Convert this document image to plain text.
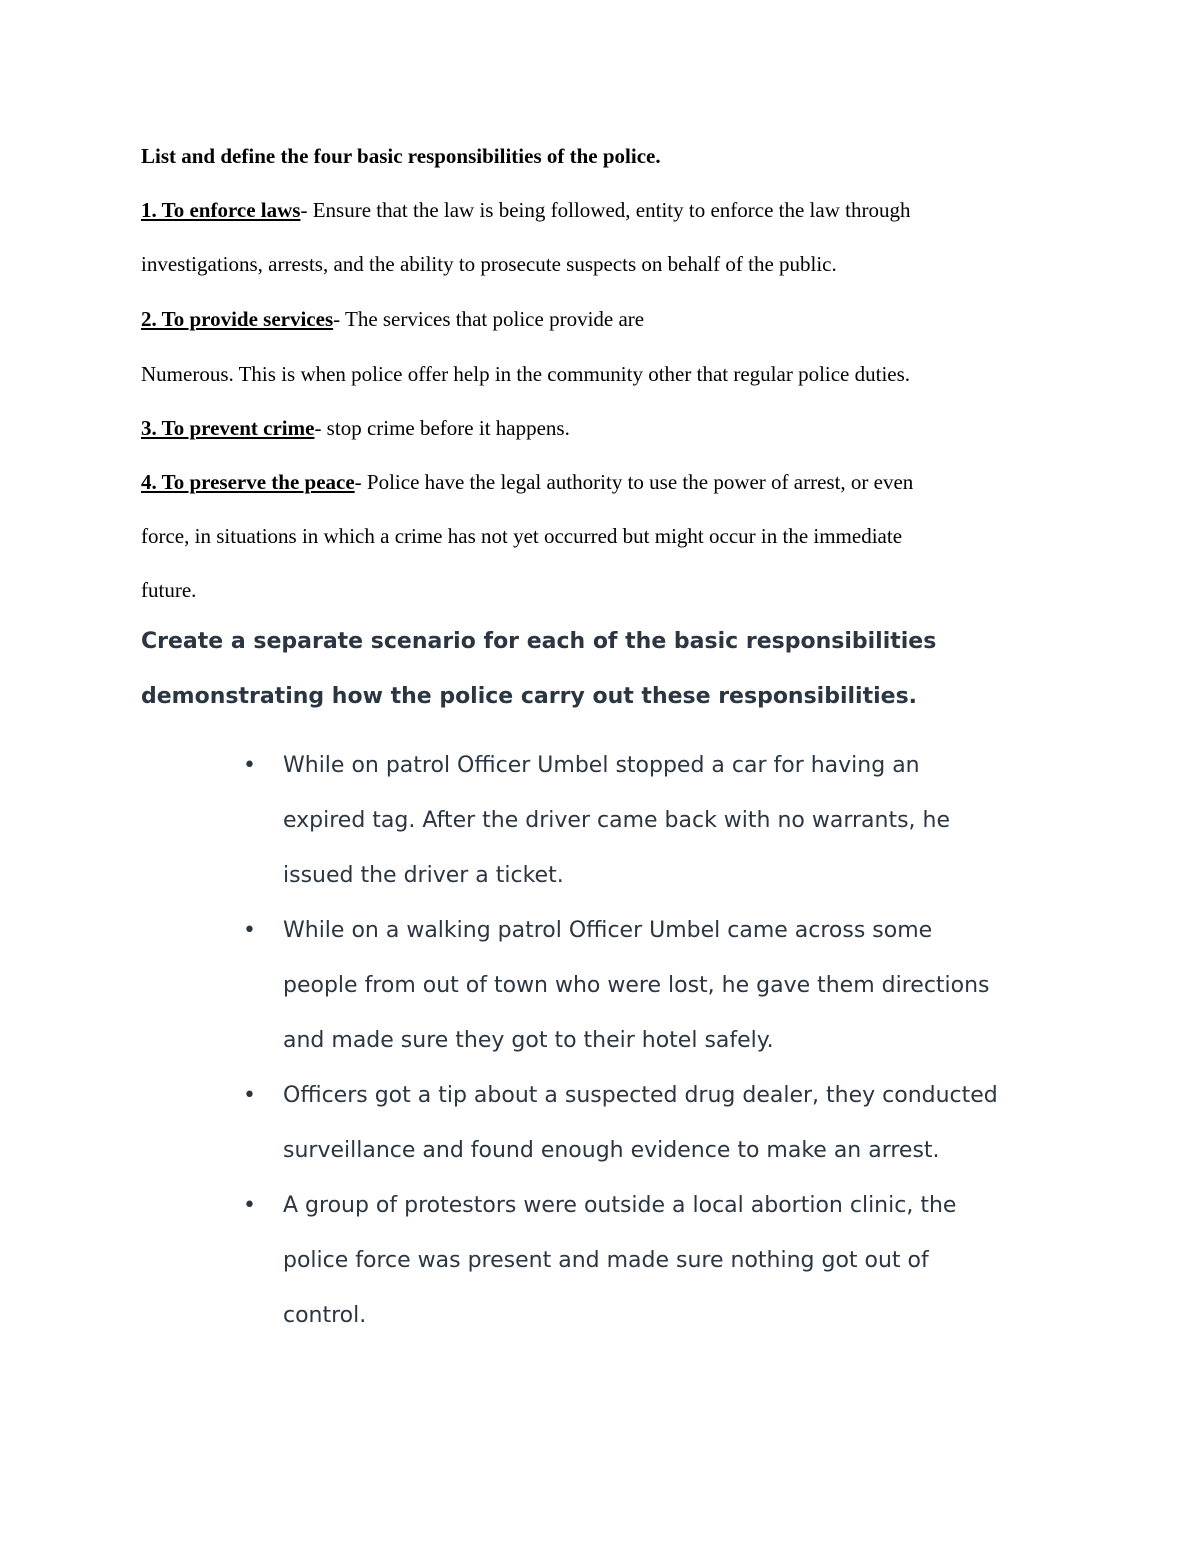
List and define the four basic responsibilities of the police.
1. To enforce laws- Ensure that the law is being followed, entity to enforce the law through
investigations, arrests, and the ability to prosecute suspects on behalf of the public.
2. To provide services- The services that police provide are
Numerous. This is when police offer help in the community other that regular police duties.
3. To prevent crime- stop crime before it happens.
4. To preserve the peace- Police have the legal authority to use the power of arrest, or even
force, in situations in which a crime has not yet occurred but might occur in the immediate
future.
Create a separate scenario for each of the basic responsibilities
demonstrating how the police carry out these responsibilities.
• While on patrol Officer Umbel stopped a car for having an
expired tag. After the driver came back with no warrants, he
issued the driver a ticket.
• While on a walking patrol Officer Umbel came across some
people from out of town who were lost, he gave them directions
and made sure they got to their hotel safely.
• Officers got a tip about a suspected drug dealer, they conducted
surveillance and found enough evidence to make an arrest.
• A group of protestors were outside a local abortion clinic, the
police force was present and made sure nothing got out of
control.
